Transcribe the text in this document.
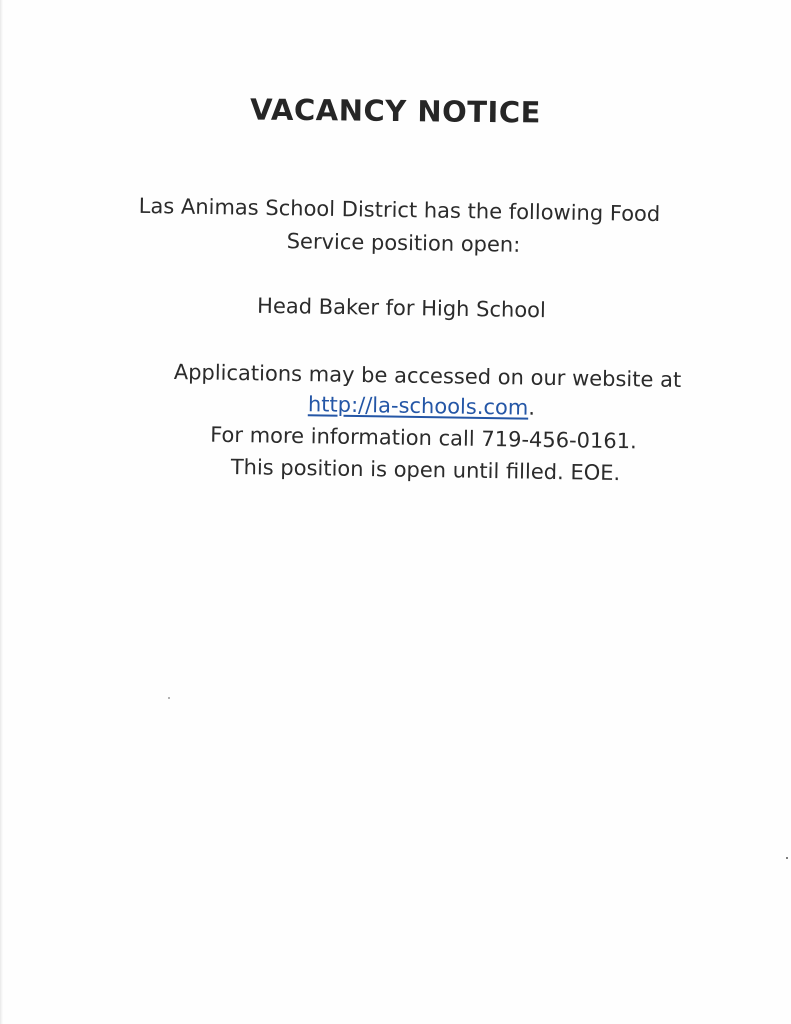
VACANCY NOTICE
Las Animas School District has the following Food
Service position open:
Head Baker for High School
Applications may be accessed on our website at
http://la-schools.com.
For more information call 719-456-0161.
This position is open until filled. EOE.
